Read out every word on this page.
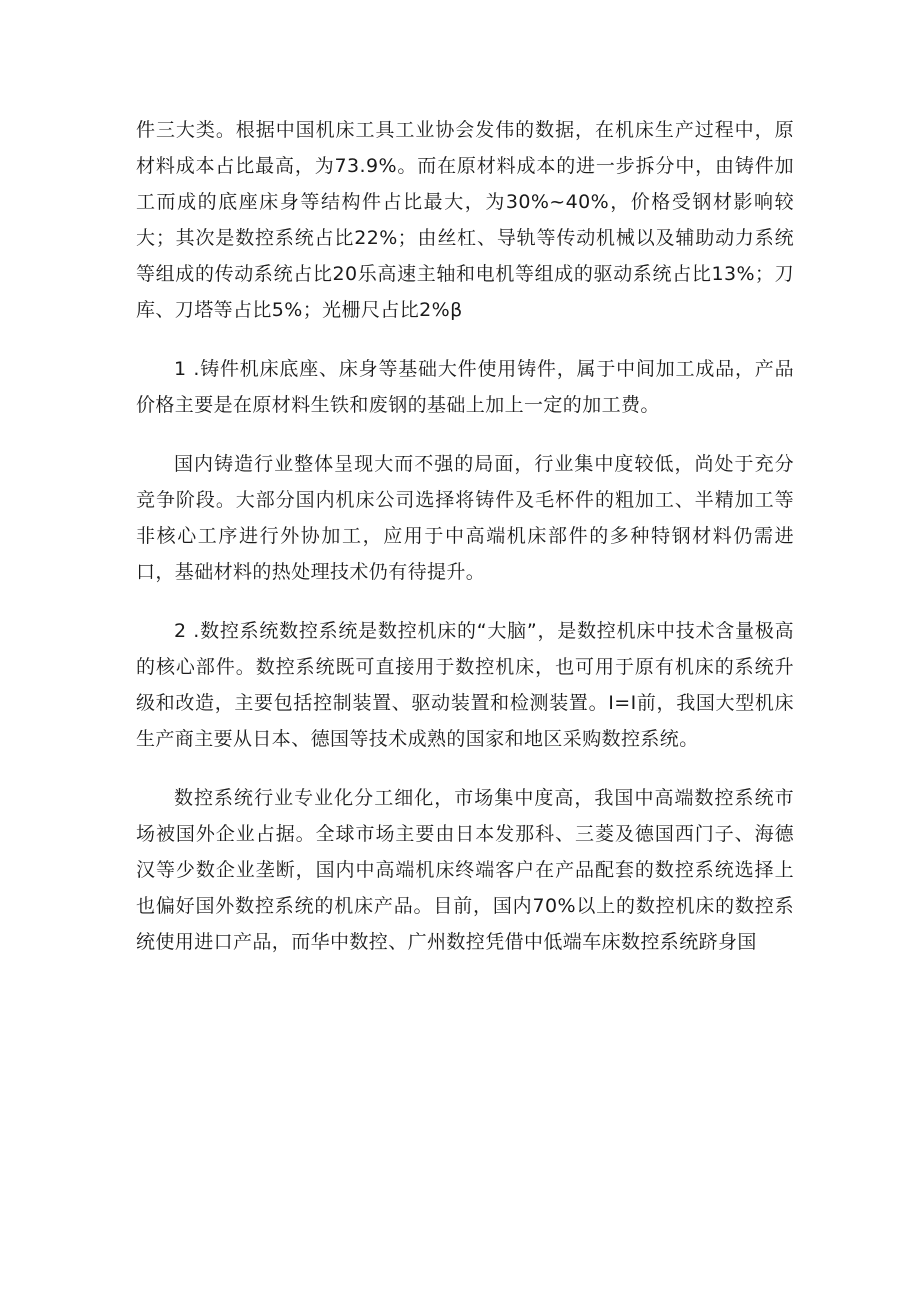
件三大类。根据中国机床工具工业协会发伟的数据，在机床生产过程中，原材料成本占比最高，为73.9%。而在原材料成本的进一步拆分中，由铸件加工而成的底座床身等结构件占比最大，为30%~40%，价格受钢材影响较大；其次是数控系统占比22%；由丝杠、导轨等传动机械以及辅助动力系统等组成的传动系统占比20乐高速主轴和电机等组成的驱动系统占比13%；刀库、刀塔等占比5%；光栅尺占比2%β

1 .铸件机床底座、床身等基础大件使用铸件，属于中间加工成品，产品价格主要是在原材料生铁和废钢的基础上加上一定的加工费。

国内铸造行业整体呈现大而不强的局面，行业集中度较低，尚处于充分竞争阶段。大部分国内机床公司选择将铸件及毛杯件的粗加工、半精加工等非核心工序进行外协加工，应用于中高端机床部件的多种特钢材料仍需进口，基础材料的热处理技术仍有待提升。

2 .数控系统数控系统是数控机床的“大脑”，是数控机床中技术含量极高的核心部件。数控系统既可直接用于数控机床，也可用于原有机床的系统升级和改造，主要包括控制装置、驱动装置和检测装置。I=I前，我国大型机床生产商主要从日本、德国等技术成熟的国家和地区采购数控系统。

数控系统行业专业化分工细化，市场集中度高，我国中高端数控系统市场被国外企业占据。全球市场主要由日本发那科、三菱及德国西门子、海德汉等少数企业垄断，国内中高端机床终端客户在产品配套的数控系统选择上也偏好国外数控系统的机床产品。目前，国内70%以上的数控机床的数控系统使用进口产品，而华中数控、广州数控凭借中低端车床数控系统跻身国
